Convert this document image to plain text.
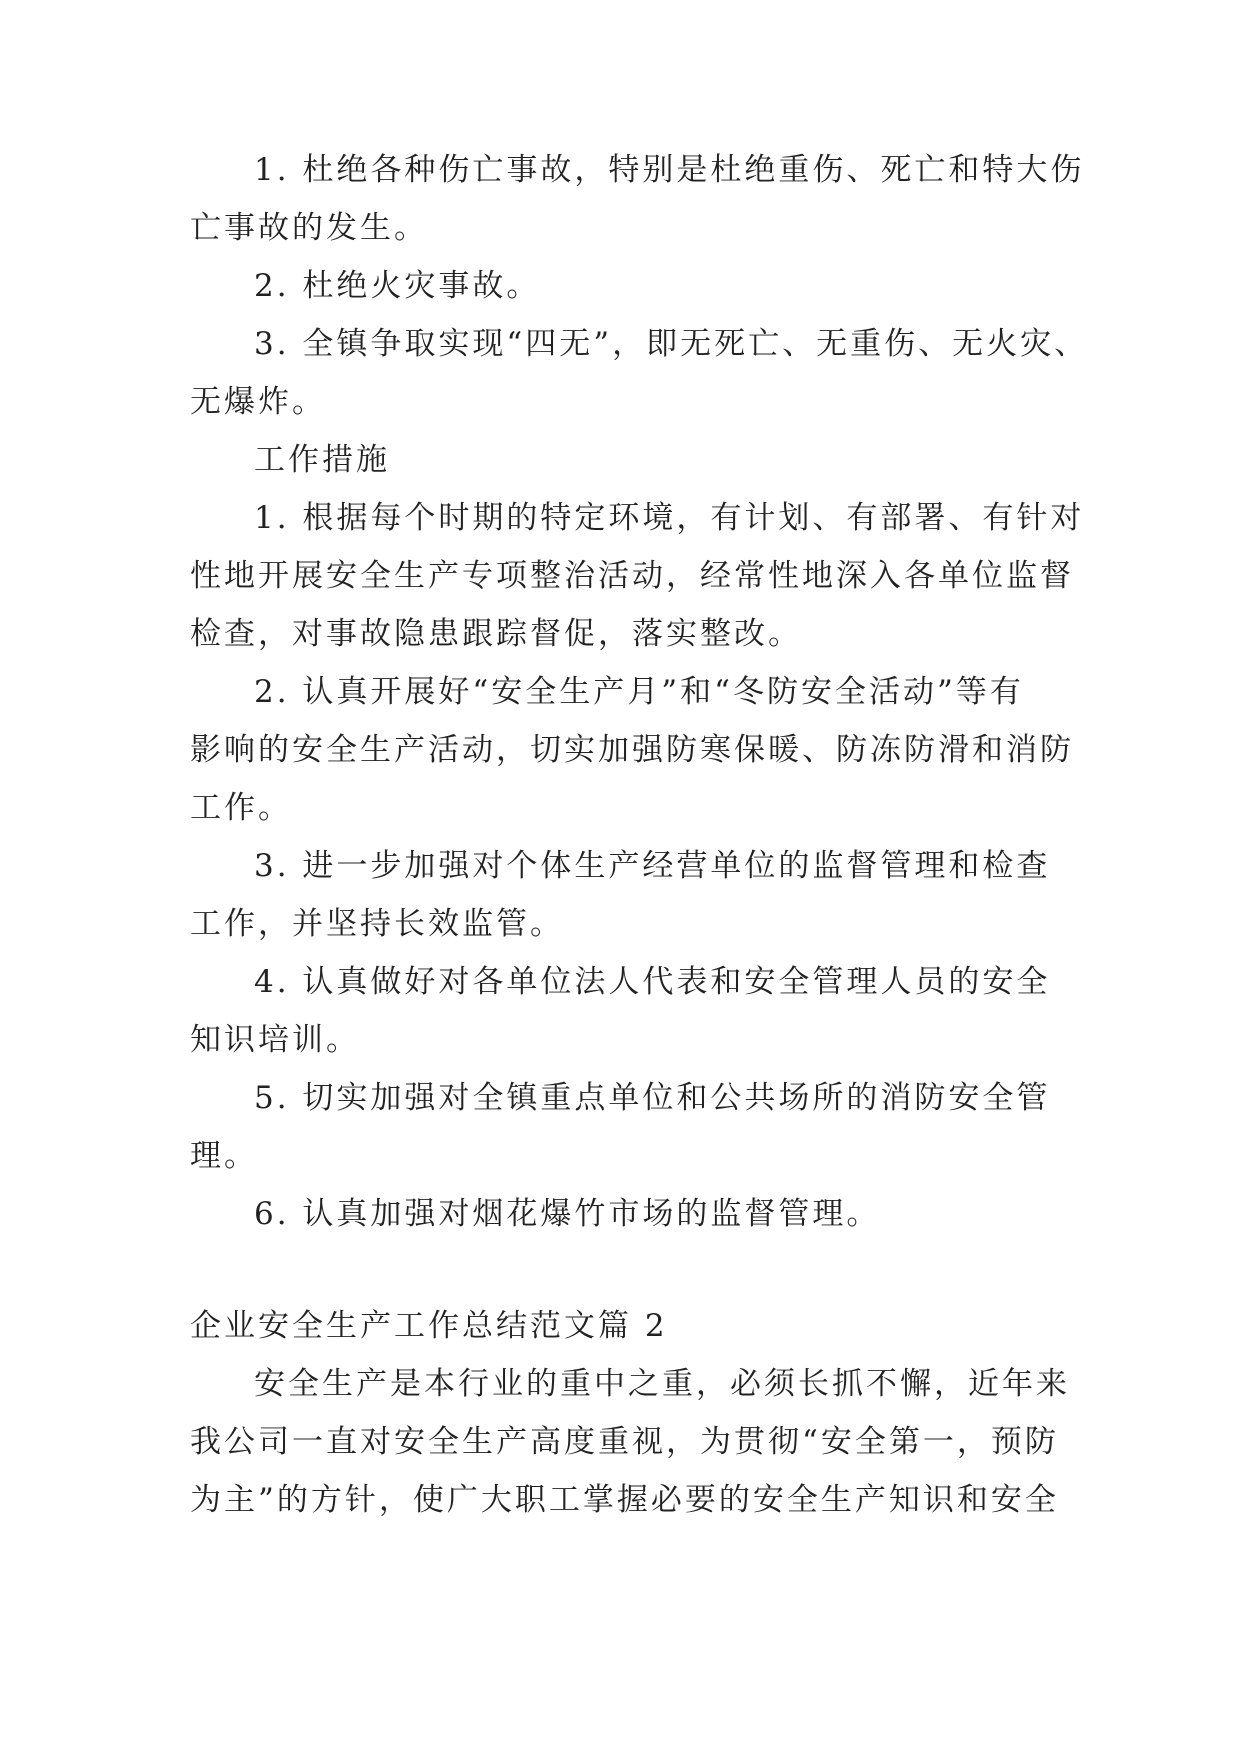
1. 杜绝各种伤亡事故，特别是杜绝重伤、死亡和特大伤

亡事故的发生。

2. 杜绝火灾事故。

3. 全镇争取实现“四无”，即无死亡、无重伤、无火灾、

无爆炸。

工作措施

1. 根据每个时期的特定环境，有计划、有部署、有针对

性地开展安全生产专项整治活动，经常性地深入各单位监督

检查，对事故隐患跟踪督促，落实整改。

2. 认真开展好“安全生产月”和“冬防安全活动”等有

影响的安全生产活动，切实加强防寒保暖、防冻防滑和消防

工作。

3. 进一步加强对个体生产经营单位的监督管理和检查

工作，并坚持长效监管。

4. 认真做好对各单位法人代表和安全管理人员的安全

知识培训。

5. 切实加强对全镇重点单位和公共场所的消防安全管

理。

6. 认真加强对烟花爆竹市场的监督管理。

企业安全生产工作总结范文篇 2

安全生产是本行业的重中之重，必须长抓不懈，近年来

我公司一直对安全生产高度重视，为贯彻“安全第一，预防

为主”的方针，使广大职工掌握必要的安全生产知识和安全
